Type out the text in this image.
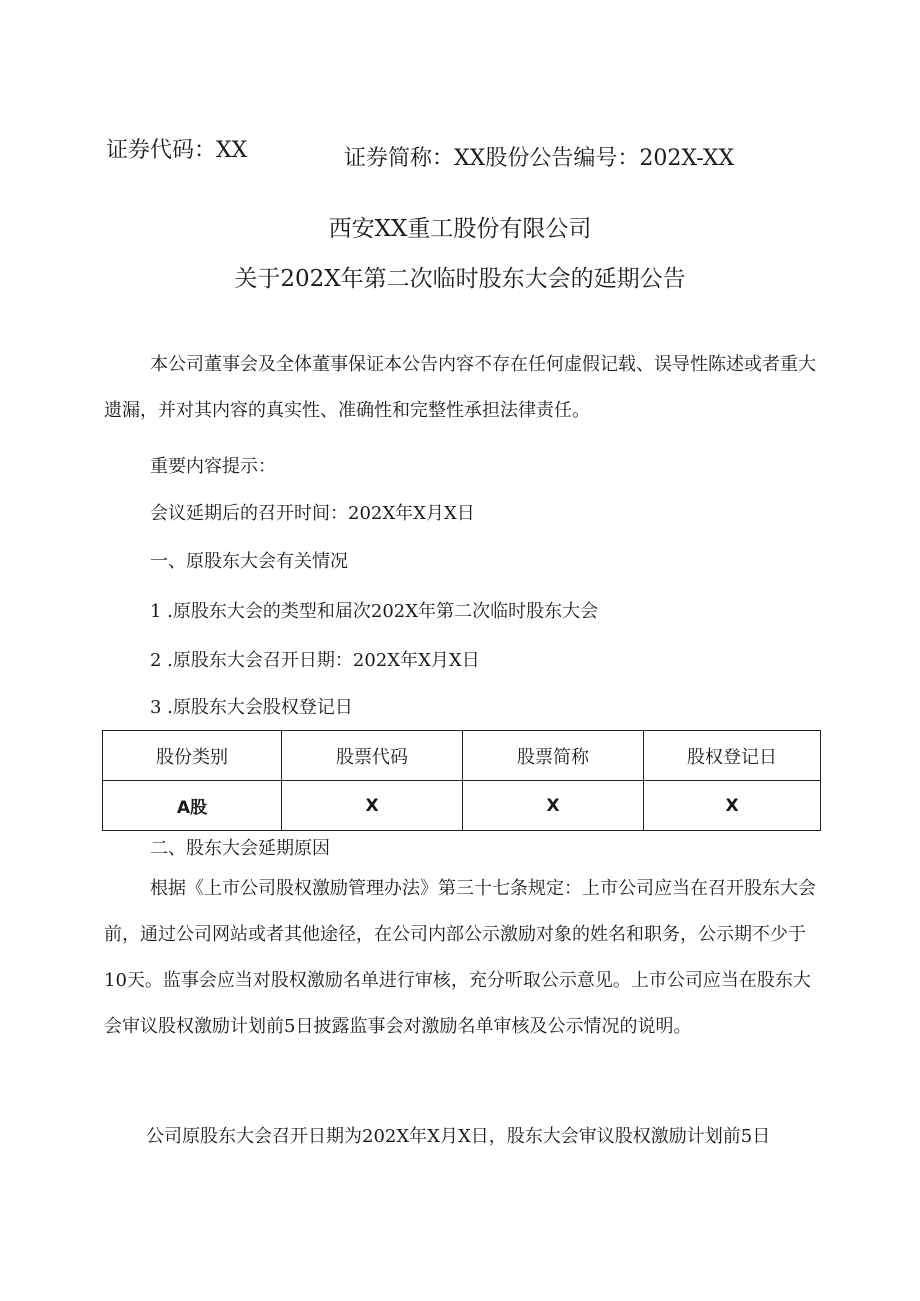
证券代码：XX	证券简称：XX股份公告编号：202X-XX
西安XX重工股份有限公司
关于202X年第二次临时股东大会的延期公告

本公司董事会及全体董事保证本公告内容不存在任何虚假记载、误导性陈述或者重大遗漏，并对其内容的真实性、准确性和完整性承担法律责任。

重要内容提示：
会议延期后的召开时间：202X年X月X日
一、原股东大会有关情况
1 .原股东大会的类型和届次202X年第二次临时股东大会
2 .原股东大会召开日期：202X年X月X日
3 .原股东大会股权登记日
股份类别	股票代码	股票简称	股权登记日
A股	X	X	X
二、股东大会延期原因

根据《上市公司股权激励管理办法》第三十七条规定：上市公司应当在召开股东大会前，通过公司网站或者其他途径，在公司内部公示激励对象的姓名和职务，公示期不少于10天。监事会应当对股权激励名单进行审核，充分听取公示意见。上市公司应当在股东大会审议股权激励计划前5日披露监事会对激励名单审核及公示情况的说明。

公司原股东大会召开日期为202X年X月X日，股东大会审议股权激励计划前5日
